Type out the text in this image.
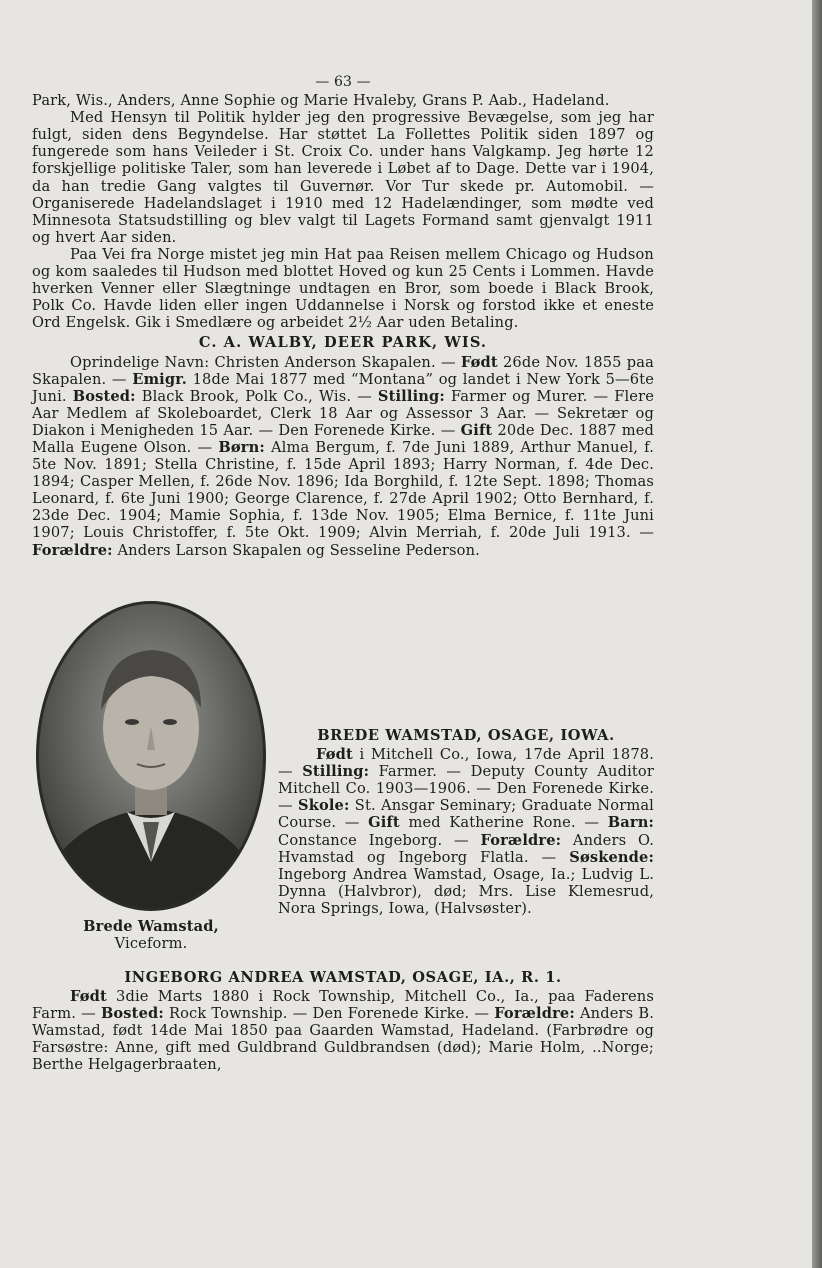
— 63 —

Park, Wis., Anders, Anne Sophie og Marie Hvaleby, Grans P. Aab., Hadeland.

Med Hensyn til Politik hylder jeg den progressive Bevægelse, som jeg har fulgt, siden dens Begyndelse. Har støttet La Follettes Politik siden 1897 og fungerede som hans Veileder i St. Croix Co. under hans Valgkamp. Jeg hørte 12 forskjellige politiske Taler, som han leverede i Løbet af to Dage. Dette var i 1904, da han tredie Gang valgtes til Guvernør. Vor Tur skede pr. Automobil. — Organiserede Hadelandslaget i 1910 med 12 Hadelændinger, som mødte ved Minnesota Statsudstilling og blev valgt til Lagets Formand samt gjenvalgt 1911 og hvert Aar siden.

Paa Vei fra Norge mistet jeg min Hat paa Reisen mellem Chicago og Hudson og kom saaledes til Hudson med blottet Hoved og kun 25 Cents i Lommen. Havde hverken Venner eller Slægtninge undtagen en Bror, som boede i Black Brook, Polk Co. Havde liden eller ingen Uddannelse i Norsk og forstod ikke et eneste Ord Engelsk. Gik i Smedlære og arbeidet 2½ Aar uden Betaling.

C. A. WALBY, DEER PARK, WIS.

Oprindelige Navn: Christen Anderson Skapalen. — Født 26de Nov. 1855 paa Skapalen. — Emigr. 18de Mai 1877 med “Montana” og landet i New York 5—6te Juni. Bosted: Black Brook, Polk Co., Wis. — Stilling: Farmer og Murer. — Flere Aar Medlem af Skoleboardet, Clerk 18 Aar og Assessor 3 Aar. — Sekretær og Diakon i Menigheden 15 Aar. — Den Forenede Kirke. — Gift 20de Dec. 1887 med Malla Eugene Olson. — Børn: Alma Bergum, f. 7de Juni 1889, Arthur Manuel, f. 5te Nov. 1891; Stella Christine, f. 15de April 1893; Harry Norman, f. 4de Dec. 1894; Casper Mellen, f. 26de Nov. 1896; Ida Borghild, f. 12te Sept. 1898; Thomas Leonard, f. 6te Juni 1900; George Clarence, f. 27de April 1902; Otto Bernhard, f. 23de Dec. 1904; Mamie Sophia, f. 13de Nov. 1905; Elma Bernice, f. 11te Juni 1907; Louis Christoffer, f. 5te Okt. 1909; Alvin Merriah, f. 20de Juli 1913. — Forældre: Anders Larson Skapalen og Sesseline Pederson.

Brede Wamstad,
Viceform.
BREDE WAMSTAD, OSAGE, IOWA.

Født i Mitchell Co., Iowa, 17de April 1878. — Stilling: Farmer. — Deputy County Auditor Mitchell Co. 1903—1906. — Den Forenede Kirke. — Skole: St. Ansgar Seminary; Graduate Normal Course. — Gift med Katherine Rone. — Barn: Constance Ingeborg. — Forældre: Anders O. Hvamstad og Ingeborg Flatla. — Søskende: Ingeborg Andrea Wamstad, Osage, Ia.; Ludvig L. Dynna (Halvbror), død; Mrs. Lise Klemesrud, Nora Springs, Iowa, (Halvsøster).

INGEBORG ANDREA WAMSTAD, OSAGE, IA., R. 1.

Født 3die Marts 1880 i Rock Township, Mitchell Co., Ia., paa Faderens Farm. — Bosted: Rock Township. — Den Forenede Kirke. — Forældre: Anders B. Wamstad, født 14de Mai 1850 paa Gaarden Wamstad, Hadeland. (Farbrødre og Farsøstre: Anne, gift med Guldbrand Guldbrandsen (død); Marie Holm, ..Norge; Berthe Helgagerbraaten,
